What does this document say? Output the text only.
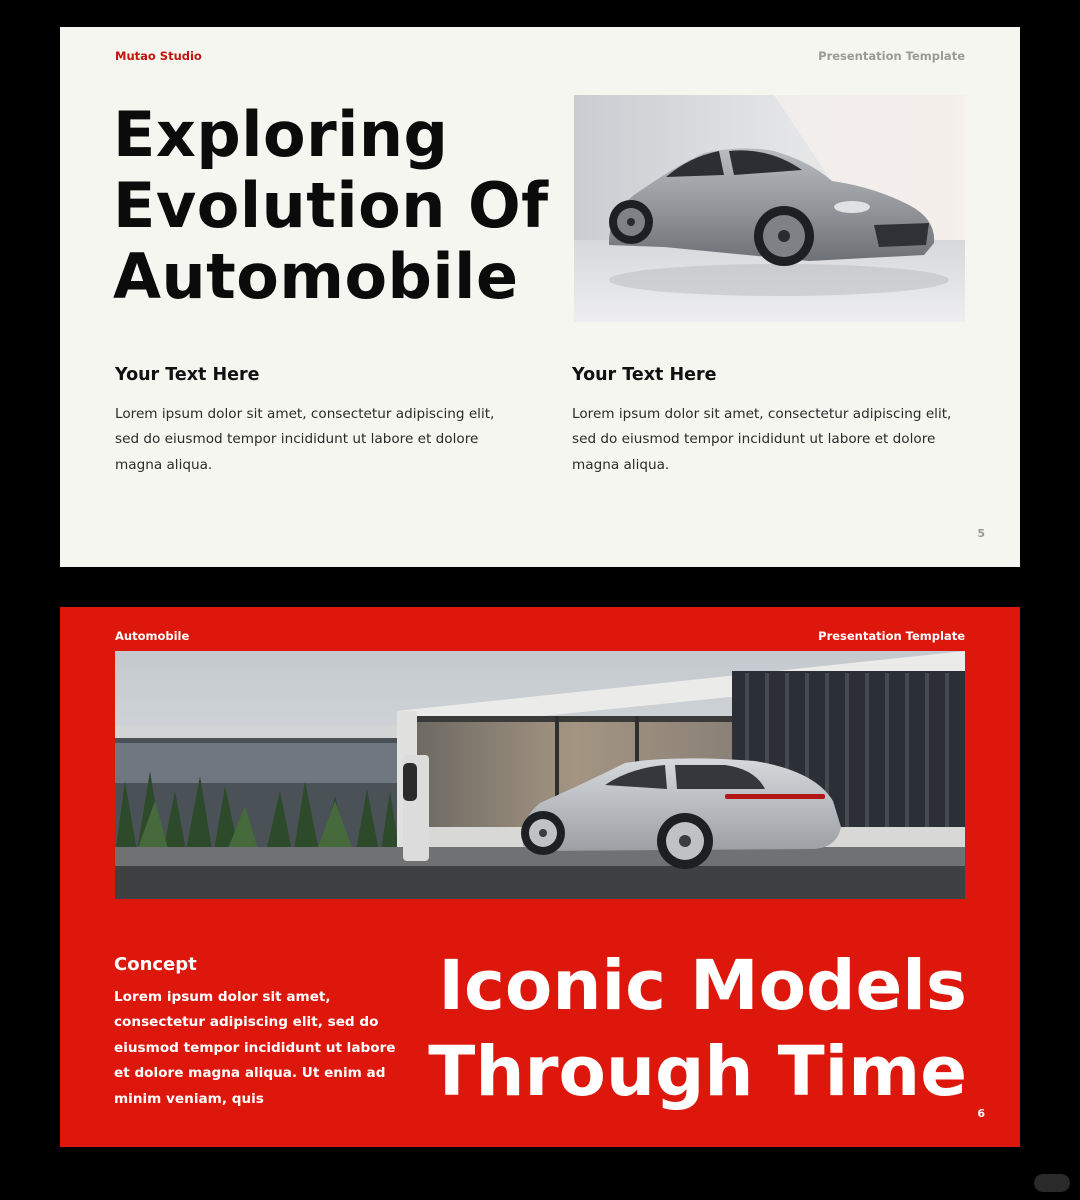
Mutao Studio	Presentation Template
Exploring
Evolution Of
Automobile
Your Text Here

Lorem ipsum dolor sit amet, consectetur adipiscing elit, sed do eiusmod tempor incididunt ut labore et dolore magna aliqua.

Your Text Here

Lorem ipsum dolor sit amet, consectetur adipiscing elit, sed do eiusmod tempor incididunt ut labore et dolore magna aliqua.

5
Automobile	Presentation Template
Concept

Lorem ipsum dolor sit amet, consectetur adipiscing elit, sed do eiusmod tempor incididunt ut labore et dolore magna aliqua. Ut enim ad minim veniam, quis

Iconic Models
Through Time
6
